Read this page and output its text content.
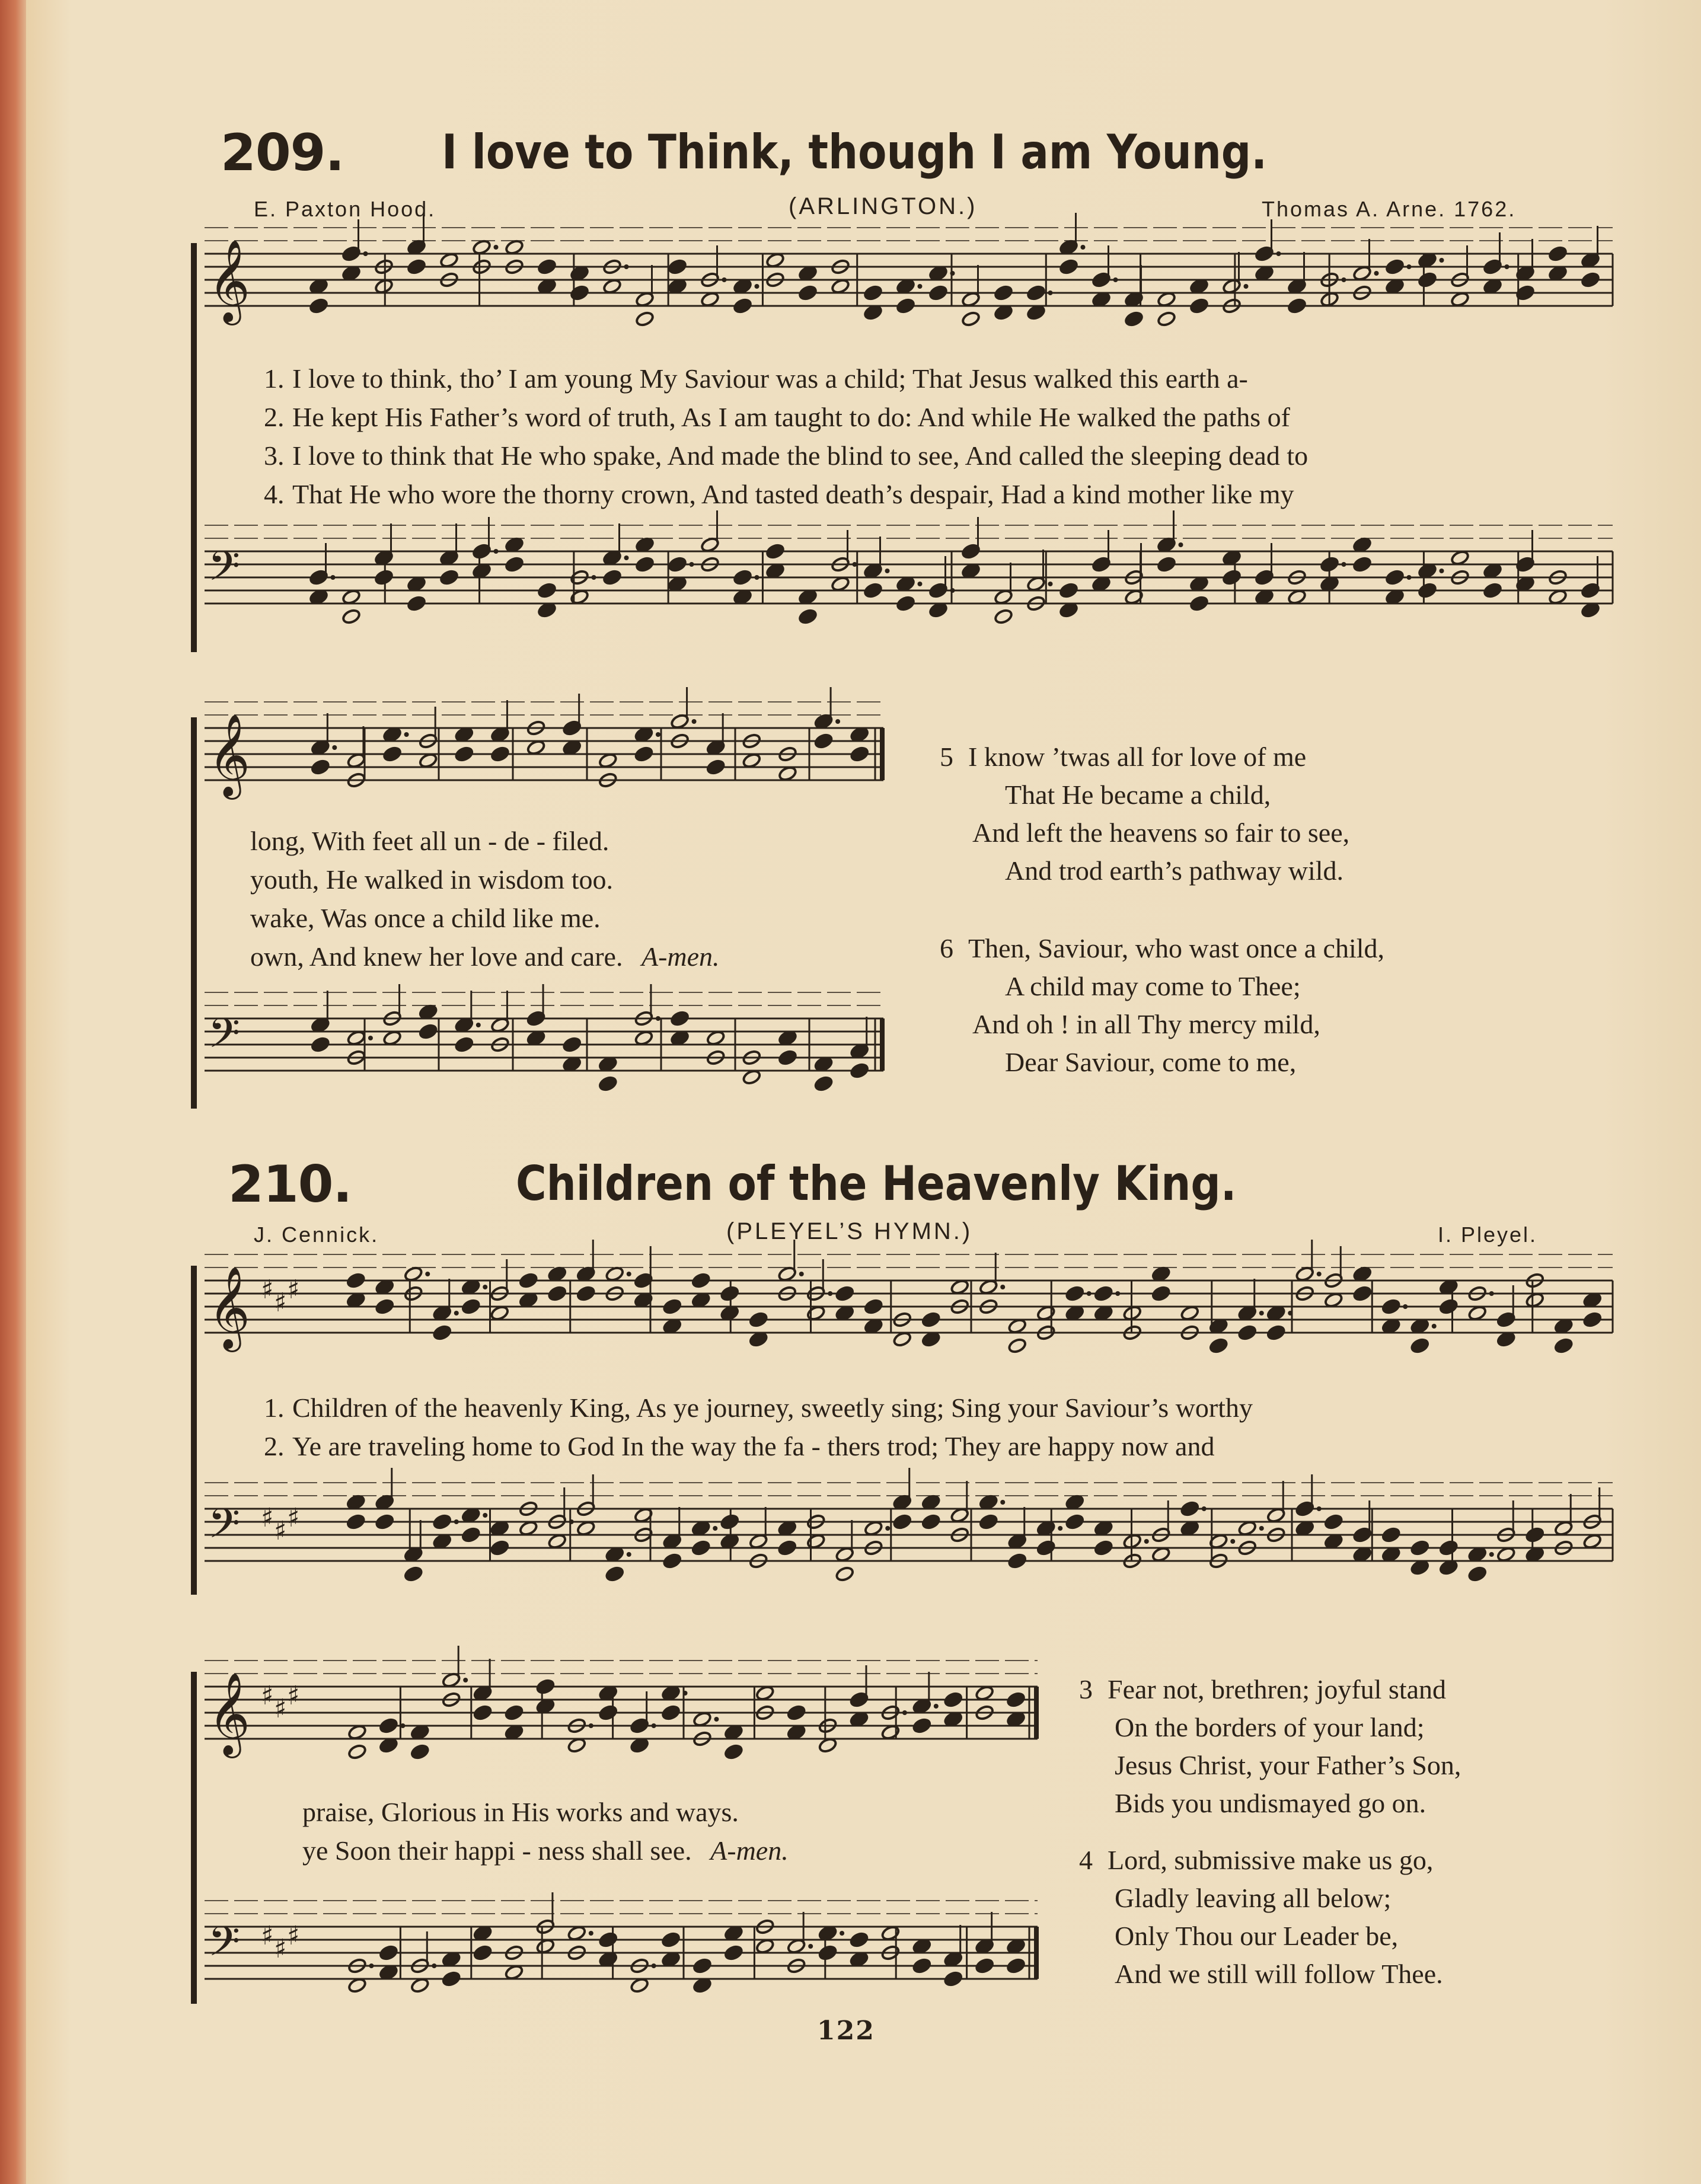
209. I love to Think, though I am Young.
E. Paxton Hood.	(ARLINGTON.)	Thomas A. Arne. 1762.
𝄞
𝄢
1. I love to think, tho’ I am young My Saviour was a child; That Jesus walked this earth a-
2. He kept His Father’s word of truth, As I am taught to do: And while He walked the paths of
3. I love to think that He who spake, And made the blind to see, And called the sleeping dead to
4. That He who wore the thorny crown, And tasted death’s despair, Had a kind mother like my
𝄞
𝄢
long, With feet all un - de - filed.
youth, He walked in wisdom too.
wake, Was once a child like me.
own, And knew her love and care. A-men.
5 I know ’twas all for love of me
That He became a child,
And left the heavens so fair to see,
And trod earth’s pathway wild.
6 Then, Saviour, who wast once a child,
A child may come to Thee;
And oh ! in all Thy mercy mild,
Dear Saviour, come to me,
210.	Children of the Heavenly King.
J. Cennick.	(PLEYEL’S HYMN.)	I. Pleyel.
𝄞 ♯ ♯ ♯
𝄢 ♯ ♯ ♯
1. Children of the heavenly King, As ye journey, sweetly sing; Sing your Saviour’s worthy
2. Ye are traveling home to God In the way the fa - thers trod; They are happy now and
𝄞 ♯ ♯ ♯
𝄢 ♯ ♯ ♯
praise, Glorious in His works and ways.
ye Soon their happi - ness shall see. A-men.
3 Fear not, brethren; joyful stand
On the borders of your land;
Jesus Christ, your Father’s Son,
Bids you undismayed go on.
4 Lord, submissive make us go,
Gladly leaving all below;
Only Thou our Leader be,
And we still will follow Thee.
122
